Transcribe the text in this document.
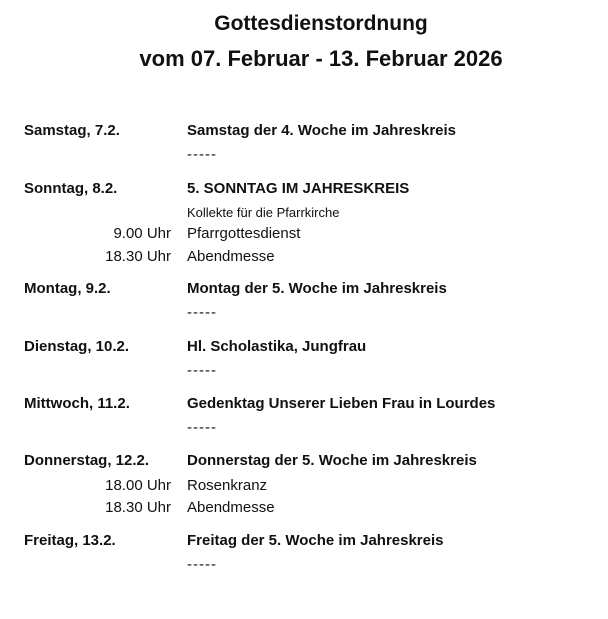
Gottesdienstordnung
vom 07. Februar - 13. Februar 2026
Samstag, 7.2.	Samstag der 4. Woche im Jahreskreis
-----
Sonntag, 8.2.	5. SONNTAG IM JAHRESKREIS
Kollekte für die Pfarrkirche
9.00 Uhr Pfarrgottesdienst
18.30 Uhr Abendmesse
Montag, 9.2.	Montag der 5. Woche im Jahreskreis
-----
Dienstag, 10.2.	Hl. Scholastika, Jungfrau
-----
Mittwoch, 11.2.	Gedenktag Unserer Lieben Frau in Lourdes
-----
Donnerstag, 12.2.	Donnerstag der 5. Woche im Jahreskreis
18.00 Uhr Rosenkranz
18.30 Uhr Abendmesse
Freitag, 13.2.	Freitag der 5. Woche im Jahreskreis
-----
